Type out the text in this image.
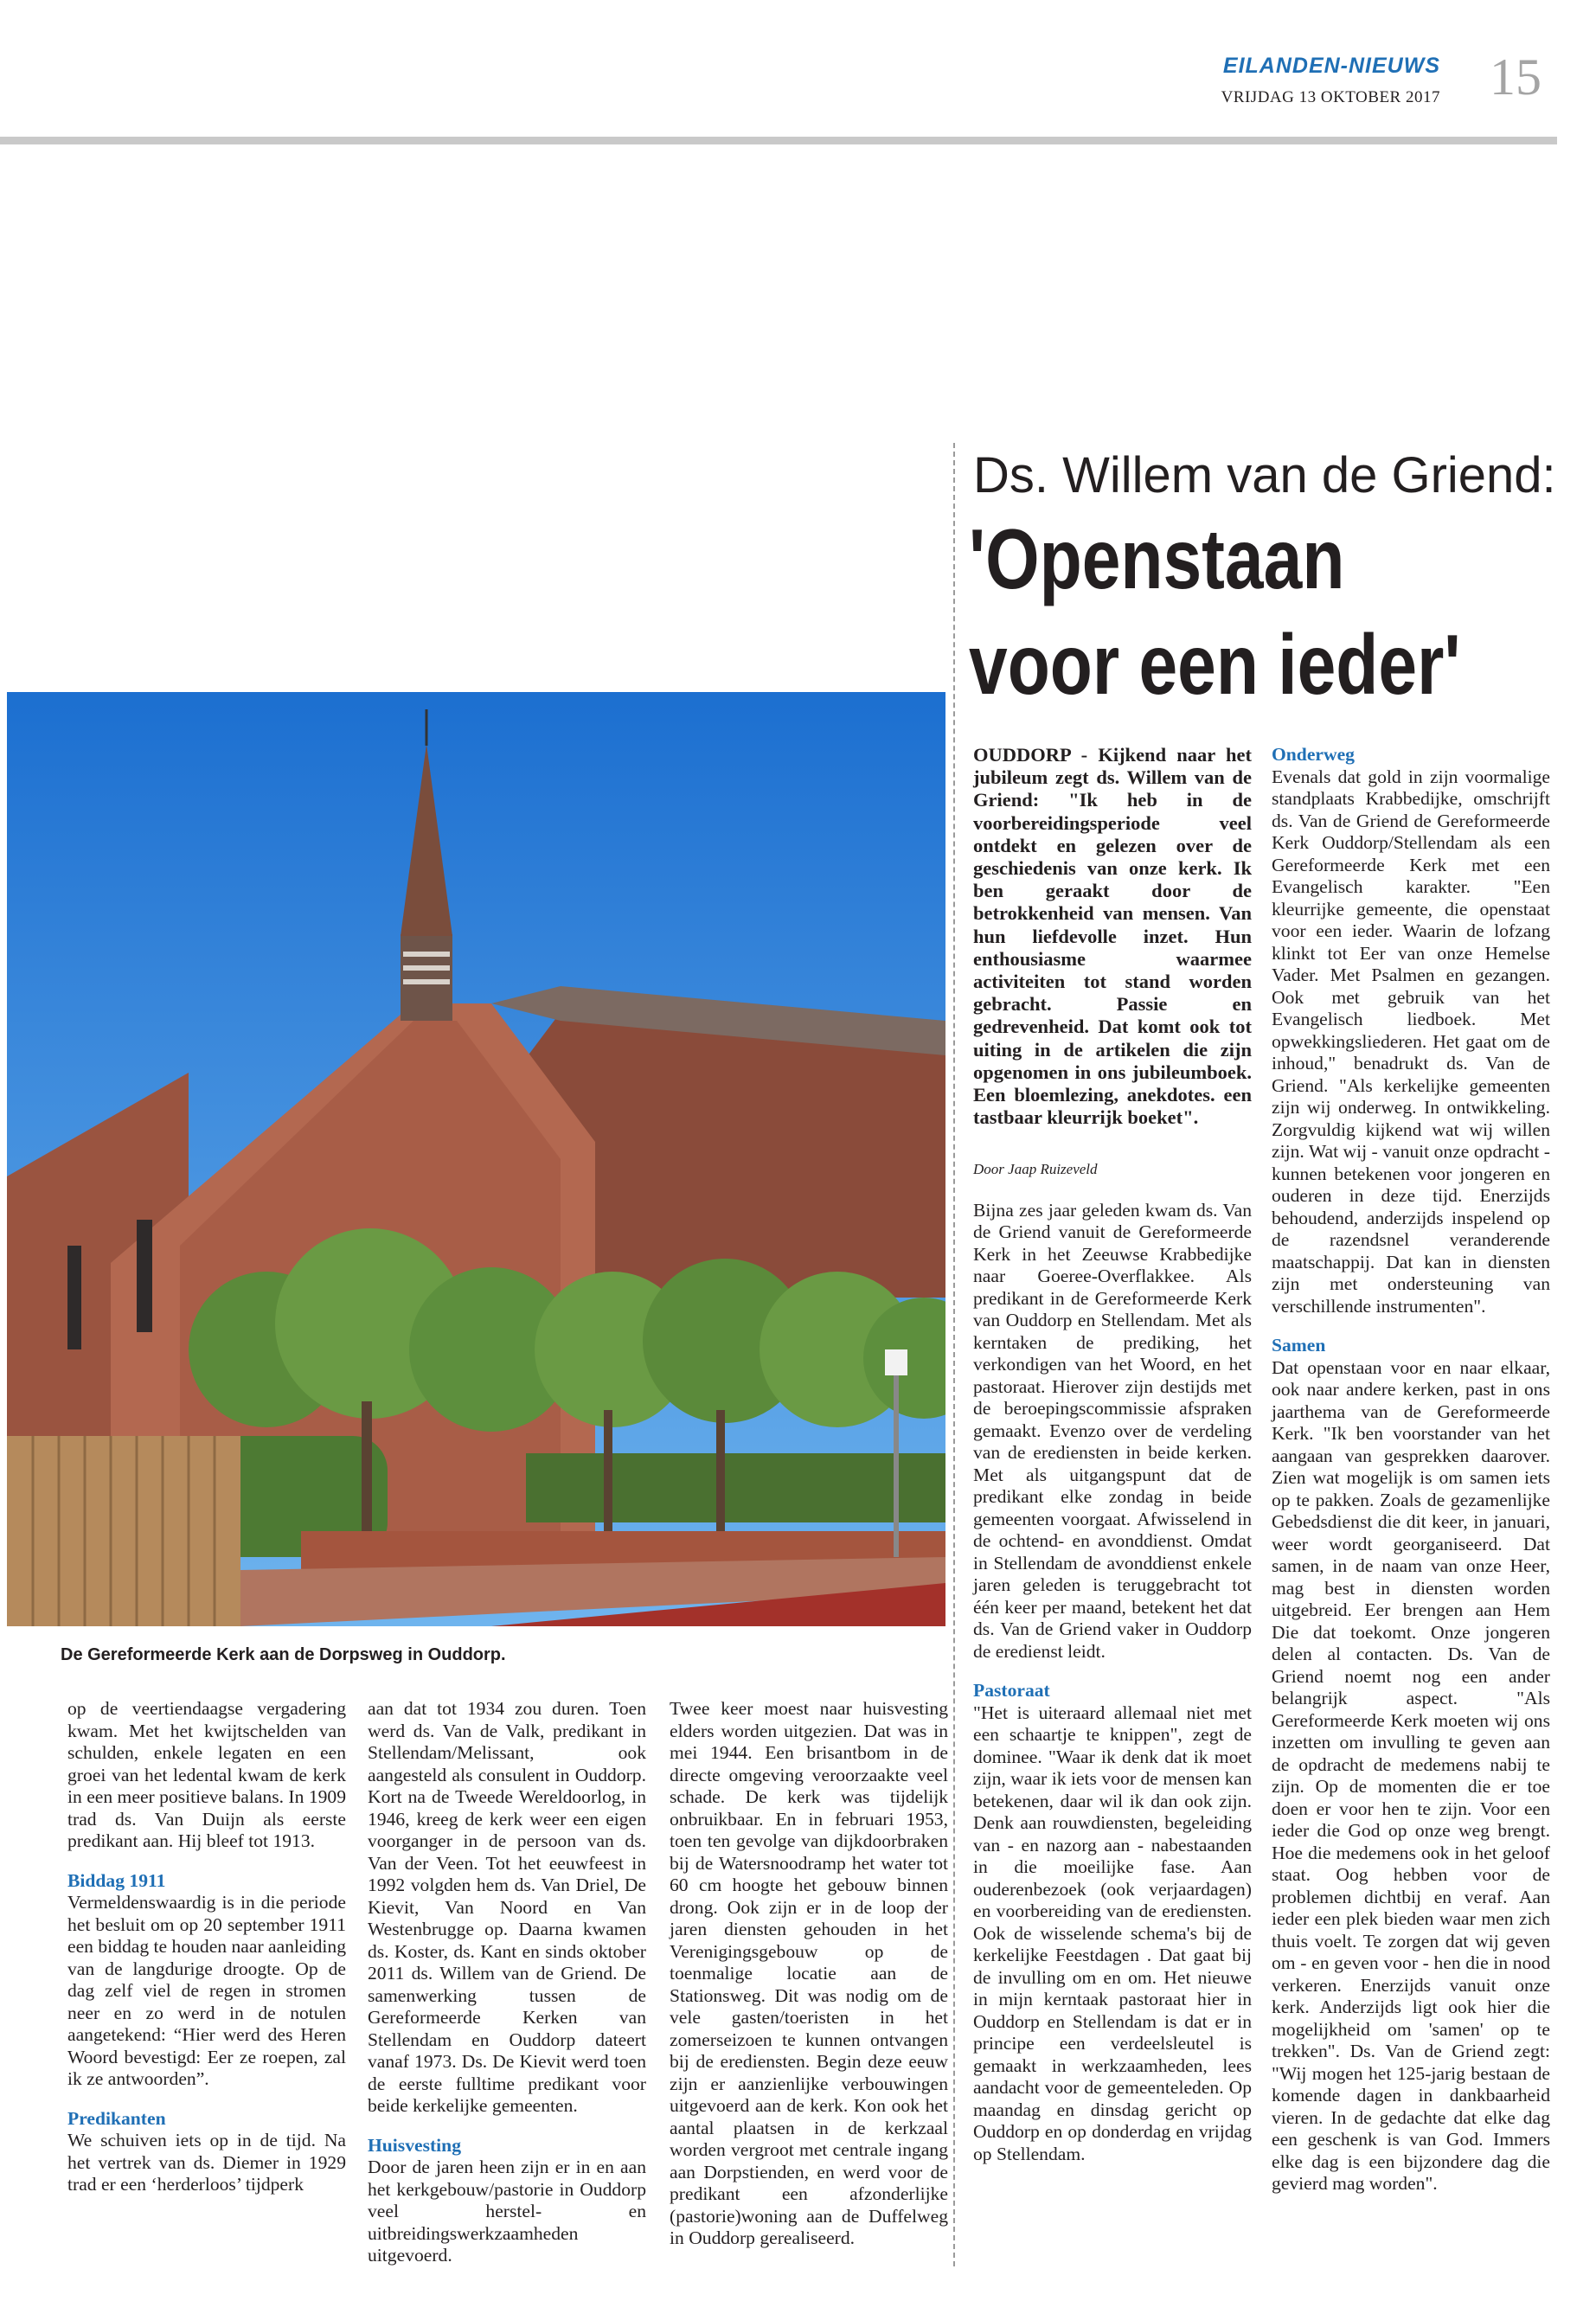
EILANDEN-NIEUWS
VRIJDAG 13 OKTOBER 2017 15
Ds. Willem van de Griend:
'Openstaan
voor een ieder'
De Gereformeerde Kerk aan de Dorpsweg in Ouddorp.

op de veertiendaagse vergadering kwam. Met het kwijtschelden van schulden, enkele legaten en een groei van het ledental kwam de kerk in een meer positieve balans. In 1909 trad ds. Van Duijn als eerste predikant aan. Hij bleef tot 1913.

Biddag 1911

Vermeldenswaardig is in die periode het besluit om op 20 september 1911 een biddag te houden naar aanleiding van de langdurige droogte. Op de dag zelf viel de regen in stromen neer en zo werd in de notulen aangetekend: “Hier werd des Heren Woord bevestigd: Eer ze roepen, zal ik ze antwoorden”.

Predikanten

We schuiven iets op in de tijd. Na het vertrek van ds. Diemer in 1929 trad er een ‘herderloos’ tijdperk

aan dat tot 1934 zou duren. Toen werd ds. Van de Valk, predikant in Stellendam/Melissant, ook aangesteld als consulent in Ouddorp. Kort na de Tweede Wereldoorlog, in 1946, kreeg de kerk weer een eigen voorganger in de persoon van ds. Van der Veen. Tot het eeuwfeest in 1992 volgden hem ds. Van Driel, De Kievit, Van Noord en Van Westenbrugge op. Daarna kwamen ds. Koster, ds. Kant en sinds oktober 2011 ds. Willem van de Griend. De samenwerking tussen de Gereformeerde Kerken van Stellendam en Ouddorp dateert vanaf 1973. Ds. De Kievit werd toen de eerste fulltime predikant voor beide kerkelijke gemeenten.

Huisvesting

Door de jaren heen zijn er in en aan het kerkgebouw/pastorie in Ouddorp veel herstel- en uitbreidingswerkzaamheden uitgevoerd.

Twee keer moest naar huisvesting elders worden uitgezien. Dat was in mei 1944. Een brisantbom in de directe omgeving veroorzaakte veel schade. De kerk was tijdelijk onbruikbaar. En in februari 1953, toen ten gevolge van dijkdoorbraken bij de Watersnoodramp het water tot 60 cm hoogte het gebouw binnen drong. Ook zijn er in de loop der jaren diensten gehouden in het Verenigingsgebouw op de toenmalige locatie aan de Stationsweg. Dit was nodig om de vele gasten/toeristen in het zomerseizoen te kunnen ontvangen bij de erediensten. Begin deze eeuw zijn er aanzienlijke verbouwingen uitgevoerd aan de kerk. Kon ook het aantal plaatsen in de kerkzaal worden vergroot met centrale ingang aan Dorpstienden, en werd voor de predikant een afzonderlijke (pastorie)woning aan de Duffelweg in Ouddorp gerealiseerd.

OUDDORP - Kijkend naar het jubileum zegt ds. Willem van de Griend: "Ik heb in de voorbereidingsperiode veel ontdekt en gelezen over de geschiedenis van onze kerk. Ik ben geraakt door de betrokkenheid van mensen. Van hun liefdevolle inzet. Hun enthousiasme waarmee activiteiten tot stand worden gebracht. Passie en gedrevenheid. Dat komt ook tot uiting in de artikelen die zijn opgenomen in ons jubileumboek. Een bloemlezing, anekdotes. een tastbaar kleurrijk boeket".

Door Jaap Ruizeveld

Bijna zes jaar geleden kwam ds. Van de Griend vanuit de Gereformeerde Kerk in het Zeeuwse Krabbedijke naar Goeree-Overflakkee. Als predikant in de Gereformeerde Kerk van Ouddorp en Stellendam. Met als kerntaken de prediking, het verkondigen van het Woord, en het pastoraat. Hierover zijn destijds met de beroepingscommissie afspraken gemaakt. Evenzo over de verdeling van de erediensten in beide kerken. Met als uitgangspunt dat de predikant elke zondag in beide gemeenten voorgaat. Afwisselend in de ochtend- en avonddienst. Omdat in Stellendam de avonddienst enkele jaren geleden is teruggebracht tot één keer per maand, betekent het dat ds. Van de Griend vaker in Ouddorp de eredienst leidt.

Pastoraat

"Het is uiteraard allemaal niet met een schaartje te knippen", zegt de dominee. "Waar ik denk dat ik moet zijn, waar ik iets voor de mensen kan betekenen, daar wil ik dan ook zijn. Denk aan rouwdiensten, begeleiding van - en nazorg aan - nabestaanden in die moeilijke fase. Aan ouderenbezoek (ook verjaardagen) en voorbereiding van de erediensten. Ook de wisselende schema's bij de kerkelijke Feestdagen . Dat gaat bij de invulling om en om. Het nieuwe in mijn kerntaak pastoraat hier in Ouddorp en Stellendam is dat er in principe een verdeelsleutel is gemaakt in werkzaamheden, lees aandacht voor de gemeenteleden. Op maandag en dinsdag gericht op Ouddorp en op donderdag en vrijdag op Stellendam.

Onderweg

Evenals dat gold in zijn voormalige standplaats Krabbedijke, omschrijft ds. Van de Griend de Gereformeerde Kerk Ouddorp/Stellendam als een Gereformeerde Kerk met een Evangelisch karakter. "Een kleurrijke gemeente, die openstaat voor een ieder. Waarin de lofzang klinkt tot Eer van onze Hemelse Vader. Met Psalmen en gezangen. Ook met gebruik van het Evangelisch liedboek. Met opwekkingsliederen. Het gaat om de inhoud," benadrukt ds. Van de Griend. "Als kerkelijke gemeenten zijn wij onderweg. In ontwikkeling. Zorgvuldig kijkend wat wij willen zijn. Wat wij - vanuit onze opdracht - kunnen betekenen voor jongeren en ouderen in deze tijd. Enerzijds behoudend, anderzijds inspelend op de razendsnel veranderende maatschappij. Dat kan in diensten zijn met ondersteuning van verschillende instrumenten".

Samen

Dat openstaan voor en naar elkaar, ook naar andere kerken, past in ons jaarthema van de Gereformeerde Kerk. "Ik ben voorstander van het aangaan van gesprekken daarover. Zien wat mogelijk is om samen iets op te pakken. Zoals de gezamenlijke Gebedsdienst die dit keer, in januari, weer wordt georganiseerd. Dat samen, in de naam van onze Heer, mag best in diensten worden uitgebreid. Eer brengen aan Hem Die dat toekomt. Onze jongeren delen al contacten. Ds. Van de Griend noemt nog een ander belangrijk aspect. "Als Gereformeerde Kerk moeten wij ons inzetten om invulling te geven aan de opdracht de medemens nabij te zijn. Op de momenten die er toe doen er voor hen te zijn. Voor een ieder die God op onze weg brengt. Hoe die medemens ook in het geloof staat. Oog hebben voor de problemen dichtbij en veraf. Aan ieder een plek bieden waar men zich thuis voelt. Te zorgen dat wij geven om - en geven voor - hen die in nood verkeren. Enerzijds vanuit onze kerk. Anderzijds ligt ook hier die mogelijkheid om 'samen' op te trekken". Ds. Van de Griend zegt: "Wij mogen het 125-jarig bestaan de komende dagen in dankbaarheid vieren. In de gedachte dat elke dag een geschenk is van God. Immers elke dag is een bijzondere dag die gevierd mag worden".
